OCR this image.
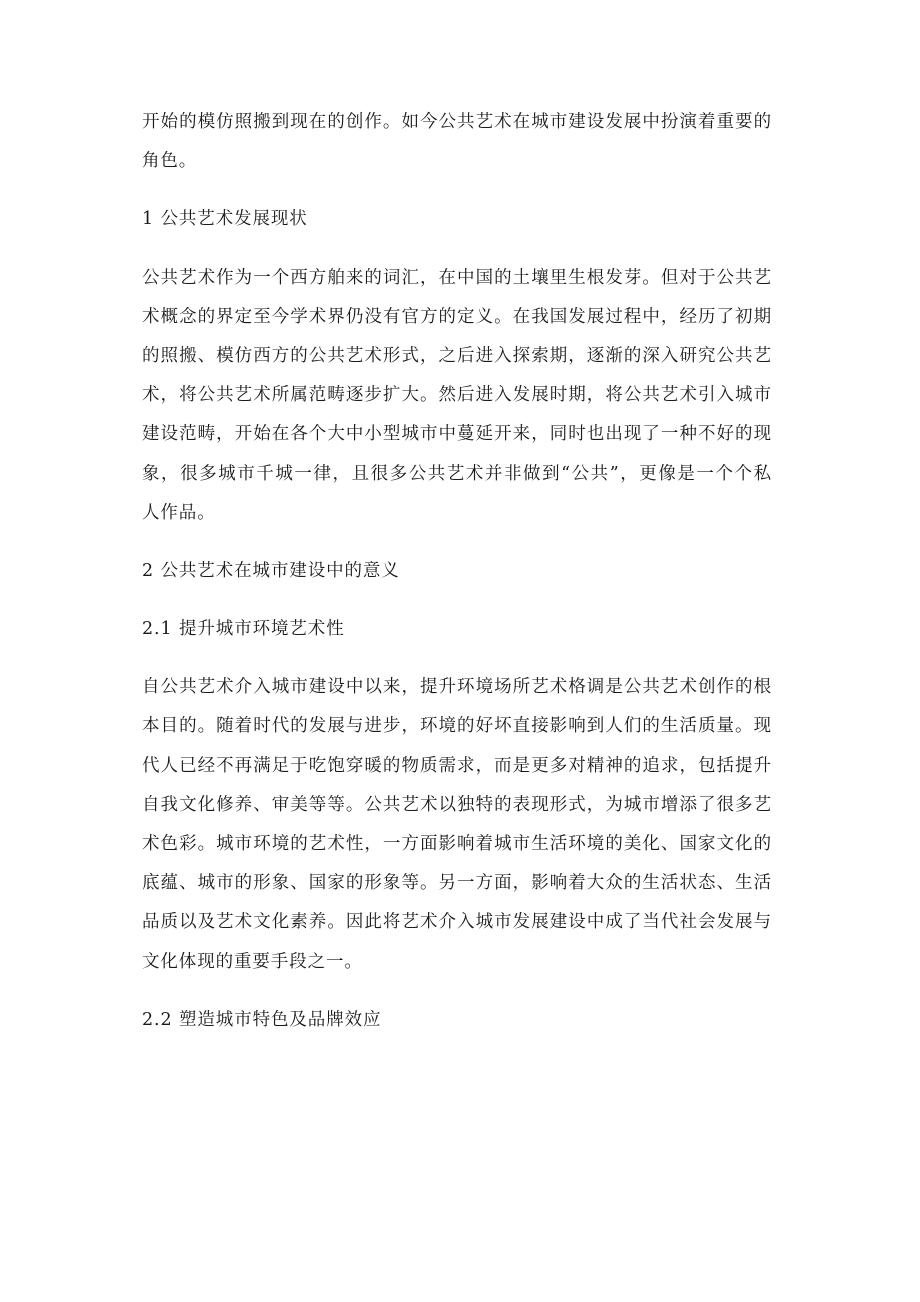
开始的模仿照搬到现在的创作。如今公共艺术在城市建设发展中扮演着重要的
角色。
1 公共艺术发展现状
公共艺术作为一个西方舶来的词汇，在中国的土壤里生根发芽。但对于公共艺
术概念的界定至今学术界仍没有官方的定义。在我国发展过程中，经历了初期
的照搬、模仿西方的公共艺术形式，之后进入探索期，逐渐的深入研究公共艺
术，将公共艺术所属范畴逐步扩大。然后进入发展时期，将公共艺术引入城市
建设范畴，开始在各个大中小型城市中蔓延开来，同时也出现了一种不好的现
象，很多城市千城一律，且很多公共艺术并非做到“公共”，更像是一个个私
人作品。
2 公共艺术在城市建设中的意义
2.1 提升城市环境艺术性
自公共艺术介入城市建设中以来，提升环境场所艺术格调是公共艺术创作的根
本目的。随着时代的发展与进步，环境的好坏直接影响到人们的生活质量。现
代人已经不再满足于吃饱穿暖的物质需求，而是更多对精神的追求，包括提升
自我文化修养、审美等等。公共艺术以独特的表现形式，为城市增添了很多艺
术色彩。城市环境的艺术性，一方面影响着城市生活环境的美化、国家文化的
底蕴、城市的形象、国家的形象等。另一方面，影响着大众的生活状态、生活
品质以及艺术文化素养。因此将艺术介入城市发展建设中成了当代社会发展与
文化体现的重要手段之一。
2.2 塑造城市特色及品牌效应
